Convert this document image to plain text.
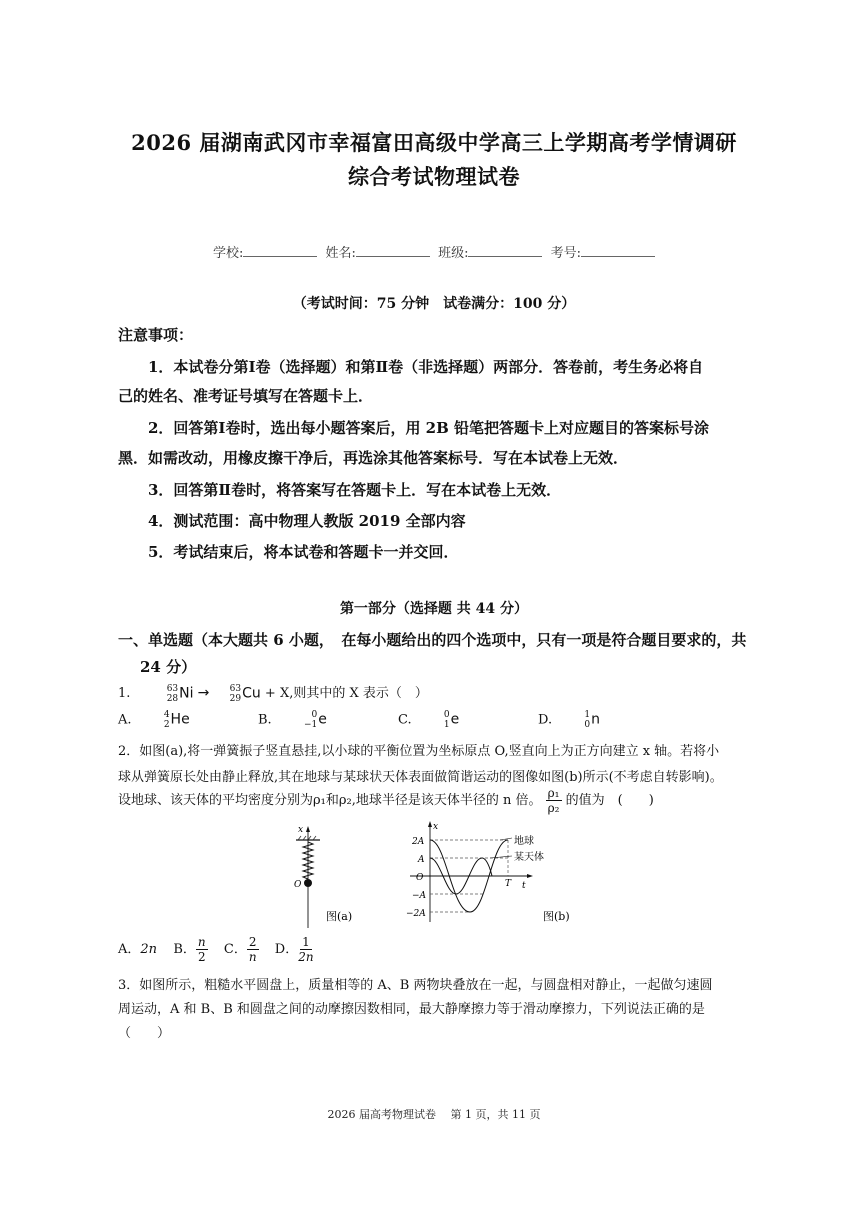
2026 届湖南武冈市幸福富田高级中学高三上学期高考学情调研
综合考试物理试卷
学校:	姓名:	班级:	考号:
（考试时间：75 分钟　试卷满分：100 分）
注意事项：
1．本试卷分第Ⅰ卷（选择题）和第Ⅱ卷（非选择题）两部分．答卷前，考生务必将自
己的姓名、准考证号填写在答题卡上．
2．回答第Ⅰ卷时，选出每小题答案后，用 2B 铅笔把答题卡上对应题目的答案标号涂
黑．如需改动，用橡皮擦干净后，再选涂其他答案标号．写在本试卷上无效．
3．回答第Ⅱ卷时，将答案写在答题卡上．写在本试卷上无效．
4．测试范围：高中物理人教版 2019 全部内容
5．考试结束后，将本试卷和答题卡一并交回．
第一部分（选择题 共 44 分）
一、单选题（本大题共 6 小题，　在每小题给出的四个选项中，只有一项是符合题目要求的，共
24 分）
1.	63
28 Ni → 63
29 Cu + X,则其中的 X 表示（　）
A.	4
2 He	B.	0
−1 e	C.	0
1 e	D.	1
0 n
2．如图(a),将一弹簧振子竖直悬挂,以小球的平衡位置为坐标原点 O,竖直向上为正方向建立 x 轴。若将小
球从弹簧原长处由静止释放,其在地球与某球状天体表面做简谐运动的图像如图(b)所示(不考虑自转影响)。
设地球、该天体的平均密度分别为ρ₁和ρ₂,地球半径是该天体半径的 n 倍。 $\frac{\text{ρ₁}}{\text{ρ₂}}$ 的值为　(　　)
x
O
图(a)
x
t
O
2A
A
−A
−2A
T
地球
某天体
图(b)
A．2n B． $\frac{n}{2}$ C． $\frac{2}{n}$ D． $\frac{1}{2n}$
3．如图所示，粗糙水平圆盘上，质量相等的 A、B 两物块叠放在一起，与圆盘相对静止，一起做匀速圆
周运动，A 和 B、B 和圆盘之间的动摩擦因数相同，最大静摩擦力等于滑动摩擦力，下列说法正确的是
（　　）
2026 届高考物理试卷　 第 1 页，共 11 页
